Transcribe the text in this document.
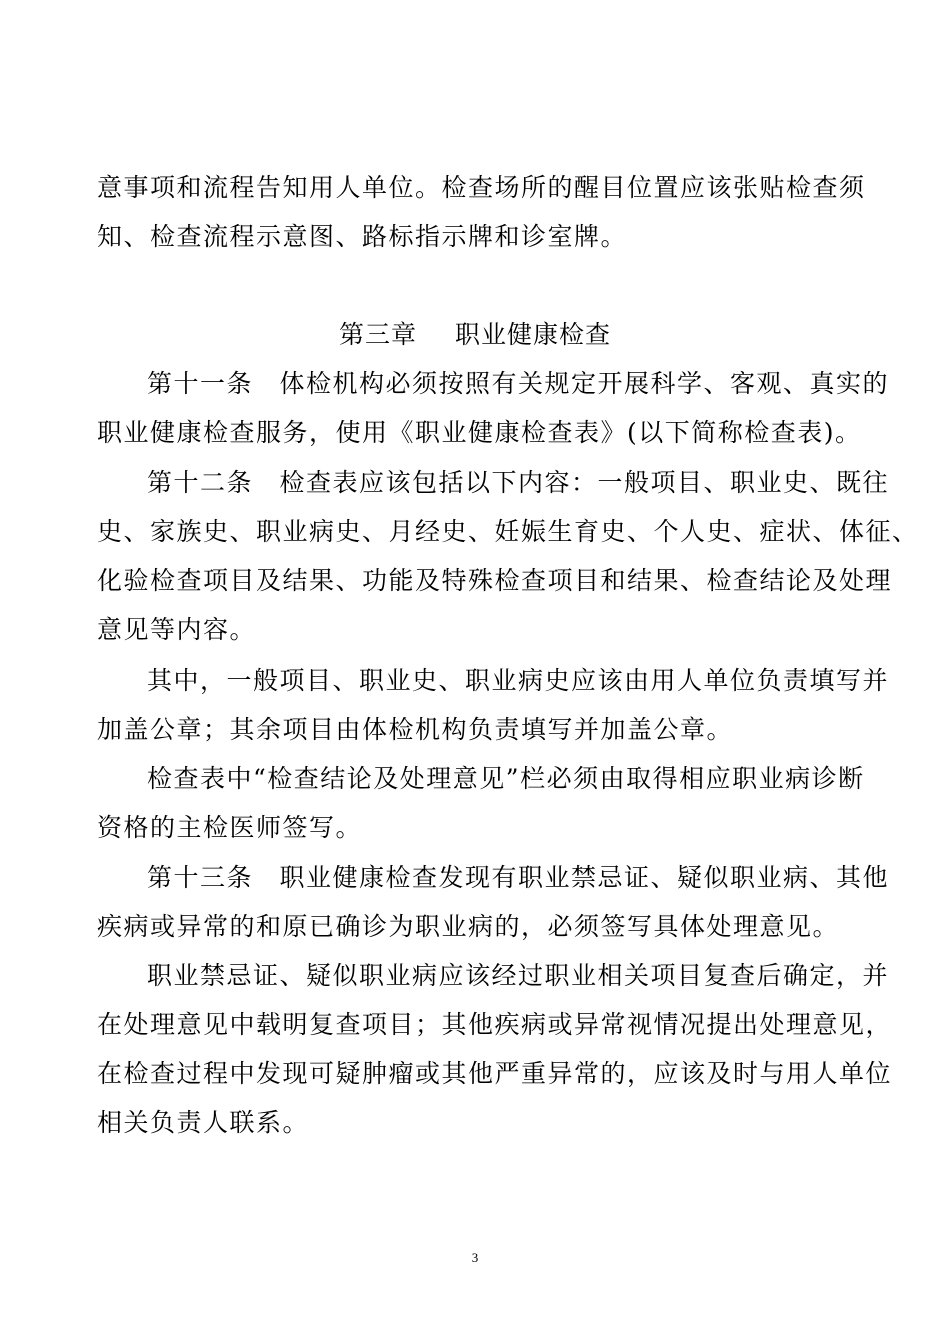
意事项和流程告知用人单位。检查场所的醒目位置应该张贴检查须
知、检查流程示意图、路标指示牌和诊室牌。
第三章 职业健康检查
第十一条　体检机构必须按照有关规定开展科学、客观、真实的
职业健康检查服务，使用《职业健康检查表》(以下简称检查表)。
第十二条　检查表应该包括以下内容：一般项目、职业史、既往
史、家族史、职业病史、月经史、妊娠生育史、个人史、症状、体征、
化验检查项目及结果、功能及特殊检查项目和结果、检查结论及处理
意见等内容。
其中，一般项目、职业史、职业病史应该由用人单位负责填写并
加盖公章；其余项目由体检机构负责填写并加盖公章。
检查表中“检查结论及处理意见”栏必须由取得相应职业病诊断
资格的主检医师签写。
第十三条　职业健康检查发现有职业禁忌证、疑似职业病、其他
疾病或异常的和原已确诊为职业病的，必须签写具体处理意见。
职业禁忌证、疑似职业病应该经过职业相关项目复查后确定，并
在处理意见中载明复查项目；其他疾病或异常视情况提出处理意见，
在检查过程中发现可疑肿瘤或其他严重异常的，应该及时与用人单位
相关负责人联系。
3
